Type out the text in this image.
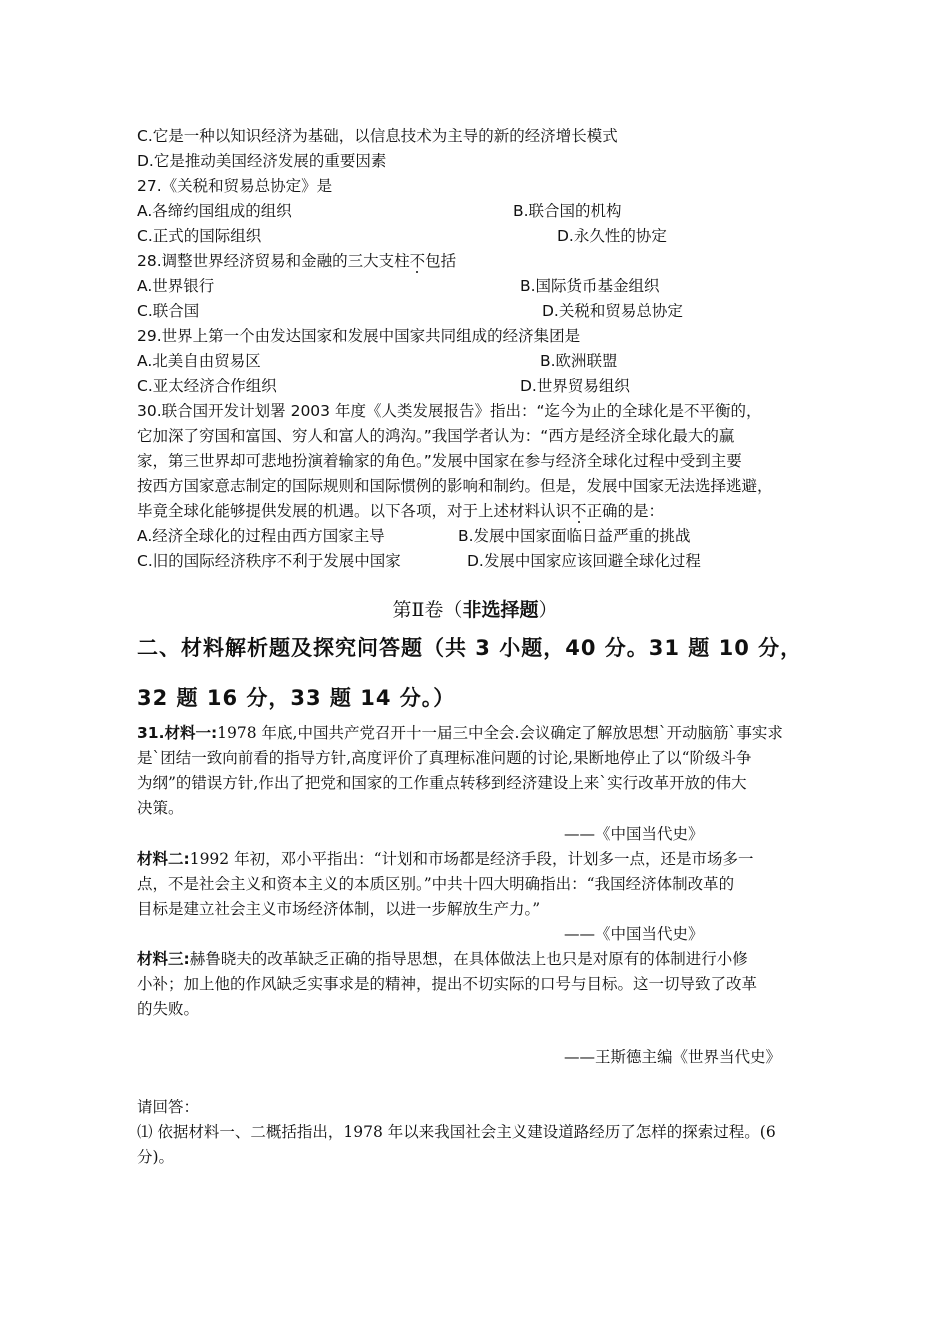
C.它是一种以知识经济为基础，以信息技术为主导的新的经济增长模式
D.它是推动美国经济发展的重要因素
27.《关税和贸易总协定》是
A.各缔约国组成的组织	B.联合国的机构
C.正式的国际组织	D.永久性的协定
28.调整世界经济贸易和金融的三大支柱不包括
A.世界银行	B.国际货币基金组织
C.联合国	D.关税和贸易总协定
29.世界上第一个由发达国家和发展中国家共同组成的经济集团是
A.北美自由贸易区	B.欧洲联盟
C.亚太经济合作组织	D.世界贸易组织
30.联合国开发计划署 2003 年度《人类发展报告》指出：“迄今为止的全球化是不平衡的，
它加深了穷国和富国、穷人和富人的鸿沟。”我国学者认为：“西方是经济全球化最大的赢
家，第三世界却可悲地扮演着输家的角色。”发展中国家在参与经济全球化过程中受到主要
按西方国家意志制定的国际规则和国际惯例的影响和制约。但是，发展中国家无法选择逃避，
毕竟全球化能够提供发展的机遇。以下各项，对于上述材料认识不正确的是：
A.经济全球化的过程由西方国家主导	B.发展中国家面临日益严重的挑战
C.旧的国际经济秩序不利于发展中国家	D.发展中国家应该回避全球化过程
第Ⅱ卷（非选择题）
二、材料解析题及探究问答题（共 3 小题，40 分。31 题 10 分，
32 题 16 分，33 题 14 分。）
31.材料一:1978 年底,中国共产党召开十一届三中全会.会议确定了解放思想`开动脑筋`事实求
是`团结一致向前看的指导方针,高度评价了真理标准问题的讨论,果断地停止了以“阶级斗争
为纲”的错误方针,作出了把党和国家的工作重点转移到经济建设上来`实行改革开放的伟大
决策。
——《中国当代史》
材料二:1992 年初，邓小平指出：“计划和市场都是经济手段，计划多一点，还是市场多一
点，不是社会主义和资本主义的本质区别。”中共十四大明确指出：“我国经济体制改革的
目标是建立社会主义市场经济体制，以进一步解放生产力。”
——《中国当代史》
材料三:赫鲁晓夫的改革缺乏正确的指导思想，在具体做法上也只是对原有的体制进行小修
小补；加上他的作风缺乏实事求是的精神，提出不切实际的口号与目标。这一切导致了改革
的失败。
——王斯德主编《世界当代史》
请回答：
⑴ 依据材料一、二概括指出，1978 年以来我国社会主义建设道路经历了怎样的探索过程。(6
分)。
